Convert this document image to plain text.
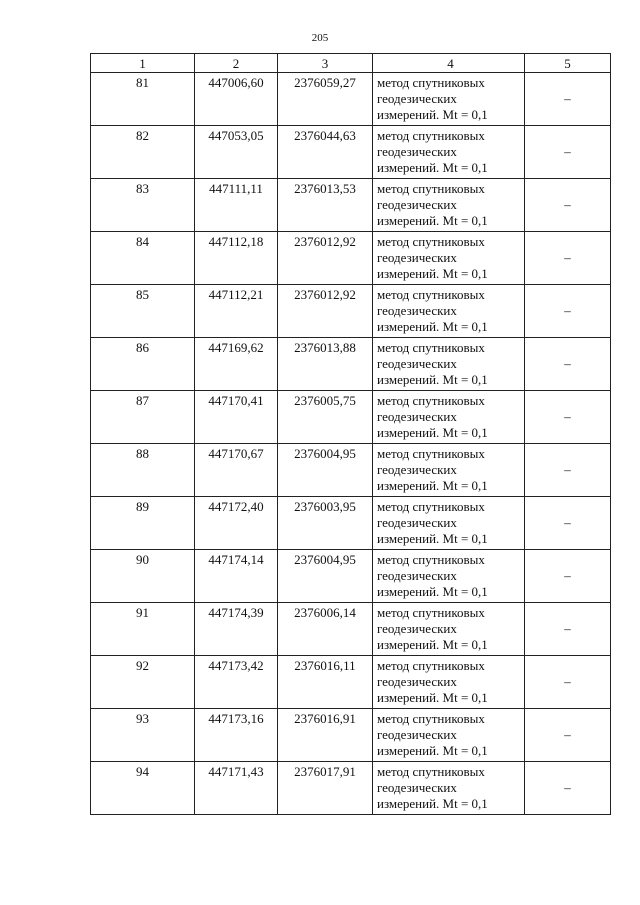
205
1	2	3	4	5
81	447006,60	2376059,27	метод спутниковых
геодезических
измерений. Mt = 0,1	–
82	447053,05	2376044,63	метод спутниковых
геодезических
измерений. Mt = 0,1	–
83	447111,11	2376013,53	метод спутниковых
геодезических
измерений. Mt = 0,1	–
84	447112,18	2376012,92	метод спутниковых
геодезических
измерений. Mt = 0,1	–
85	447112,21	2376012,92	метод спутниковых
геодезических
измерений. Mt = 0,1	–
86	447169,62	2376013,88	метод спутниковых
геодезических
измерений. Mt = 0,1	–
87	447170,41	2376005,75	метод спутниковых
геодезических
измерений. Mt = 0,1	–
88	447170,67	2376004,95	метод спутниковых
геодезических
измерений. Mt = 0,1	–
89	447172,40	2376003,95	метод спутниковых
геодезических
измерений. Mt = 0,1	–
90	447174,14	2376004,95	метод спутниковых
геодезических
измерений. Mt = 0,1	–
91	447174,39	2376006,14	метод спутниковых
геодезических
измерений. Mt = 0,1	–
92	447173,42	2376016,11	метод спутниковых
геодезических
измерений. Mt = 0,1	–
93	447173,16	2376016,91	метод спутниковых
геодезических
измерений. Mt = 0,1	–
94	447171,43	2376017,91	метод спутниковых
геодезических
измерений. Mt = 0,1	–
